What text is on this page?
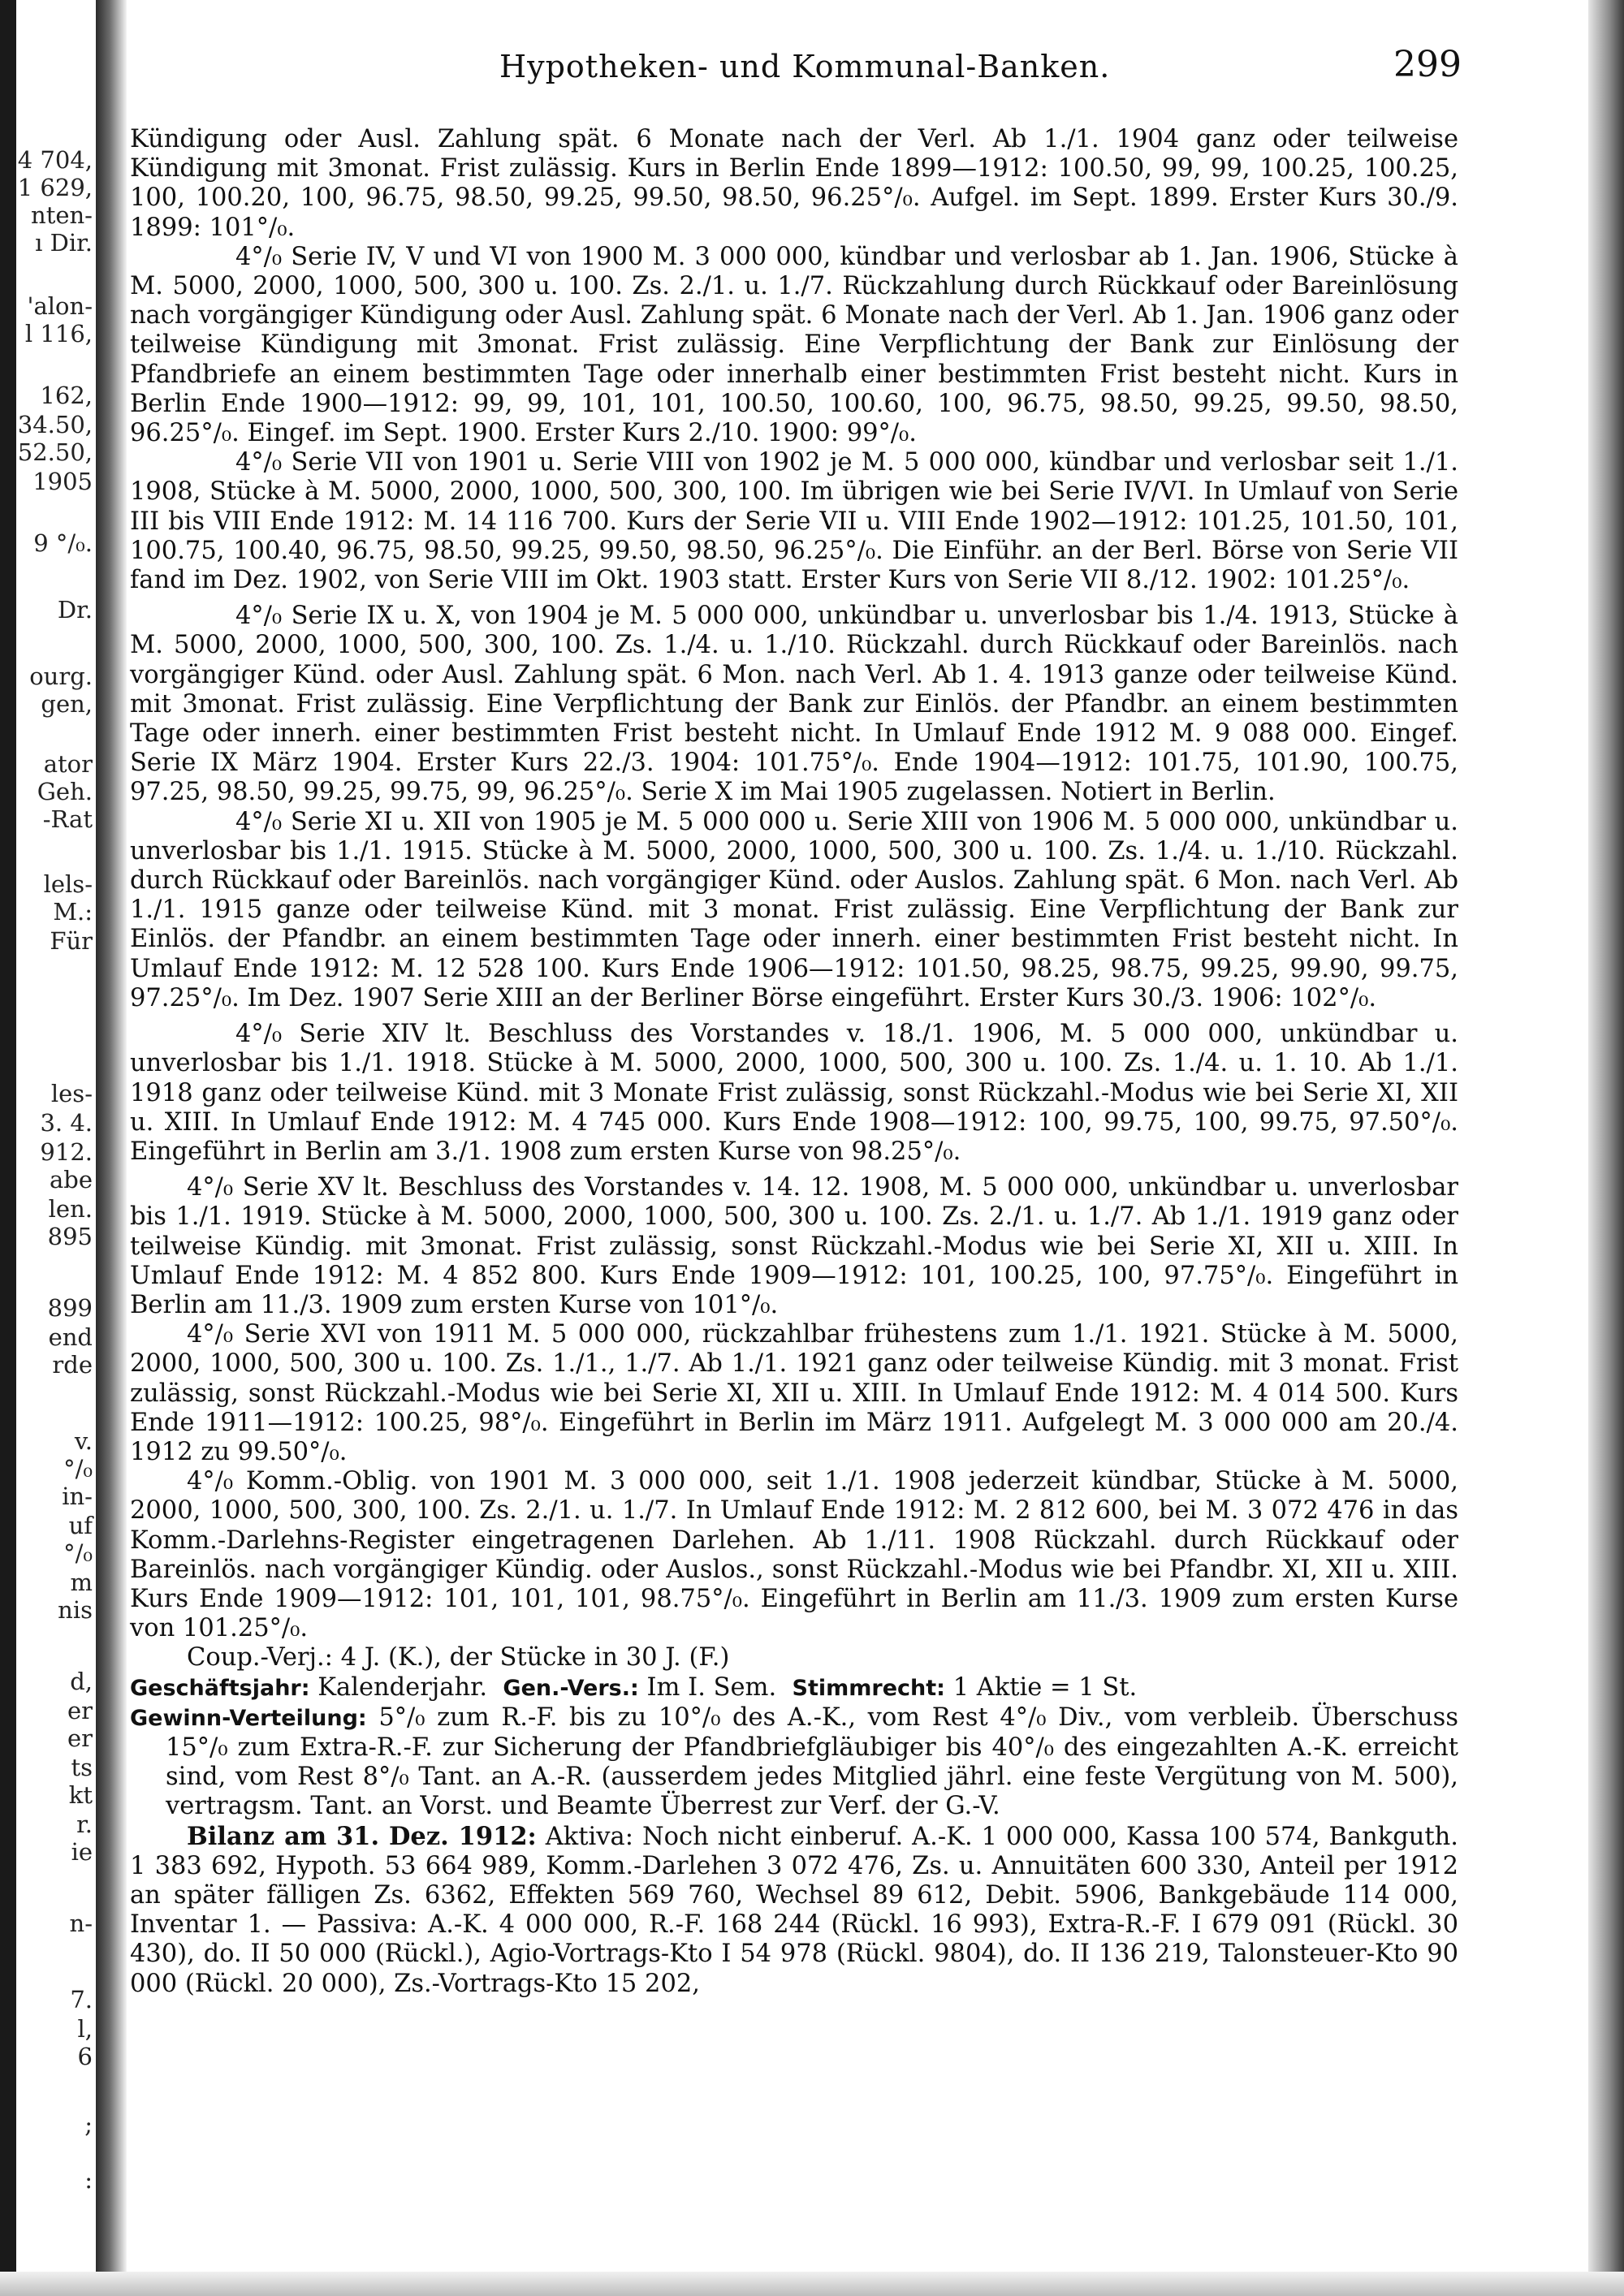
4 704,
1 629,
nten-
ı Dir.
'alon-
l 116,
162,
34.50,
52.50,
1905
9 °/₀.
Dr.
ourg.
gen,
ator
Geh.
-Rat
lels-
M.:
Für
les-
3. 4.
912.
abe
len.
895
899
end
rde
v.
°/₀
in-
uf
°/₀
m
nis
d,
er
er
ts
kt
r.
ie
n-
7.
l,
6
;
:
Hypotheken- und Kommunal-Banken.	299

Kündigung oder Ausl. Zahlung spät. 6 Monate nach der Verl. Ab 1./1. 1904 ganz oder teilweise Kündigung mit 3monat. Frist zulässig. Kurs in Berlin Ende 1899—1912: 100.50, 99, 99, 100.25, 100.25, 100, 100.20, 100, 96.75, 98.50, 99.25, 99.50, 98.50, 96.25°/₀. Aufgel. im Sept. 1899. Erster Kurs 30./9. 1899: 101°/₀.

4°/₀ Serie IV, V und VI von 1900 M. 3 000 000, kündbar und verlosbar ab 1. Jan. 1906, Stücke à M. 5000, 2000, 1000, 500, 300 u. 100. Zs. 2./1. u. 1./7. Rückzahlung durch Rückkauf oder Bareinlösung nach vorgängiger Kündigung oder Ausl. Zahlung spät. 6 Monate nach der Verl. Ab 1. Jan. 1906 ganz oder teilweise Kündigung mit 3monat. Frist zulässig. Eine Verpflichtung der Bank zur Einlösung der Pfandbriefe an einem bestimmten Tage oder innerhalb einer bestimmten Frist besteht nicht. Kurs in Berlin Ende 1900—1912: 99, 99, 101, 101, 100.50, 100.60, 100, 96.75, 98.50, 99.25, 99.50, 98.50, 96.25°/₀. Eingef. im Sept. 1900. Erster Kurs 2./10. 1900: 99°/₀.

4°/₀ Serie VII von 1901 u. Serie VIII von 1902 je M. 5 000 000, kündbar und verlosbar seit 1./1. 1908, Stücke à M. 5000, 2000, 1000, 500, 300, 100. Im übrigen wie bei Serie IV/VI. In Umlauf von Serie III bis VIII Ende 1912: M. 14 116 700. Kurs der Serie VII u. VIII Ende 1902—1912: 101.25, 101.50, 101, 100.75, 100.40, 96.75, 98.50, 99.25, 99.50, 98.50, 96.25°/₀. Die Einführ. an der Berl. Börse von Serie VII fand im Dez. 1902, von Serie VIII im Okt. 1903 statt. Erster Kurs von Serie VII 8./12. 1902: 101.25°/₀.

4°/₀ Serie IX u. X, von 1904 je M. 5 000 000, unkündbar u. unverlosbar bis 1./4. 1913, Stücke à M. 5000, 2000, 1000, 500, 300, 100. Zs. 1./4. u. 1./10. Rückzahl. durch Rückkauf oder Bareinlös. nach vorgängiger Künd. oder Ausl. Zahlung spät. 6 Mon. nach Verl. Ab 1. 4. 1913 ganze oder teilweise Künd. mit 3monat. Frist zulässig. Eine Verpflichtung der Bank zur Einlös. der Pfandbr. an einem bestimmten Tage oder innerh. einer bestimmten Frist besteht nicht. In Umlauf Ende 1912 M. 9 088 000. Eingef. Serie IX März 1904. Erster Kurs 22./3. 1904: 101.75°/₀. Ende 1904—1912: 101.75, 101.90, 100.75, 97.25, 98.50, 99.25, 99.75, 99, 96.25°/₀. Serie X im Mai 1905 zugelassen. Notiert in Berlin.

4°/₀ Serie XI u. XII von 1905 je M. 5 000 000 u. Serie XIII von 1906 M. 5 000 000, unkündbar u. unverlosbar bis 1./1. 1915. Stücke à M. 5000, 2000, 1000, 500, 300 u. 100. Zs. 1./4. u. 1./10. Rückzahl. durch Rückkauf oder Bareinlös. nach vorgängiger Künd. oder Auslos. Zahlung spät. 6 Mon. nach Verl. Ab 1./1. 1915 ganze oder teilweise Künd. mit 3 monat. Frist zulässig. Eine Verpflichtung der Bank zur Einlös. der Pfandbr. an einem bestimmten Tage oder innerh. einer bestimmten Frist besteht nicht. In Umlauf Ende 1912: M. 12 528 100. Kurs Ende 1906—1912: 101.50, 98.25, 98.75, 99.25, 99.90, 99.75, 97.25°/₀. Im Dez. 1907 Serie XIII an der Berliner Börse eingeführt. Erster Kurs 30./3. 1906: 102°/₀.

4°/₀ Serie XIV lt. Beschluss des Vorstandes v. 18./1. 1906, M. 5 000 000, unkündbar u. unverlosbar bis 1./1. 1918. Stücke à M. 5000, 2000, 1000, 500, 300 u. 100. Zs. 1./4. u. 1. 10. Ab 1./1. 1918 ganz oder teilweise Künd. mit 3 Monate Frist zulässig, sonst Rückzahl.-Modus wie bei Serie XI, XII u. XIII. In Umlauf Ende 1912: M. 4 745 000. Kurs Ende 1908—1912: 100, 99.75, 100, 99.75, 97.50°/₀. Eingeführt in Berlin am 3./1. 1908 zum ersten Kurse von 98.25°/₀.

4°/₀ Serie XV lt. Beschluss des Vorstandes v. 14. 12. 1908, M. 5 000 000, unkündbar u. unverlosbar bis 1./1. 1919. Stücke à M. 5000, 2000, 1000, 500, 300 u. 100. Zs. 2./1. u. 1./7. Ab 1./1. 1919 ganz oder teilweise Kündig. mit 3monat. Frist zulässig, sonst Rückzahl.-Modus wie bei Serie XI, XII u. XIII. In Umlauf Ende 1912: M. 4 852 800. Kurs Ende 1909—1912: 101, 100.25, 100, 97.75°/₀. Eingeführt in Berlin am 11./3. 1909 zum ersten Kurse von 101°/₀.

4°/₀ Serie XVI von 1911 M. 5 000 000, rückzahlbar frühestens zum 1./1. 1921. Stücke à M. 5000, 2000, 1000, 500, 300 u. 100. Zs. 1./1., 1./7. Ab 1./1. 1921 ganz oder teilweise Kündig. mit 3 monat. Frist zulässig, sonst Rückzahl.-Modus wie bei Serie XI, XII u. XIII. In Umlauf Ende 1912: M. 4 014 500. Kurs Ende 1911—1912: 100.25, 98°/₀. Eingeführt in Berlin im März 1911. Aufgelegt M. 3 000 000 am 20./4. 1912 zu 99.50°/₀.

4°/₀ Komm.-Oblig. von 1901 M. 3 000 000, seit 1./1. 1908 jederzeit kündbar, Stücke à M. 5000, 2000, 1000, 500, 300, 100. Zs. 2./1. u. 1./7. In Umlauf Ende 1912: M. 2 812 600, bei M. 3 072 476 in das Komm.-Darlehns-Register eingetragenen Darlehen. Ab 1./11. 1908 Rückzahl. durch Rückkauf oder Bareinlös. nach vorgängiger Kündig. oder Auslos., sonst Rückzahl.-Modus wie bei Pfandbr. XI, XII u. XIII. Kurs Ende 1909—1912: 101, 101, 101, 98.75°/₀. Eingeführt in Berlin am 11./3. 1909 zum ersten Kurse von 101.25°/₀.

Coup.-Verj.: 4 J. (K.), der Stücke in 30 J. (F.)

Geschäftsjahr: Kalenderjahr. Gen.-Vers.: Im I. Sem. Stimmrecht: 1 Aktie = 1 St.

Gewinn-Verteilung: 5°/₀ zum R.-F. bis zu 10°/₀ des A.-K., vom Rest 4°/₀ Div., vom verbleib. Überschuss 15°/₀ zum Extra-R.-F. zur Sicherung der Pfandbriefgläubiger bis 40°/₀ des eingezahlten A.-K. erreicht sind, vom Rest 8°/₀ Tant. an A.-R. (ausserdem jedes Mitglied jährl. eine feste Vergütung von M. 500), vertragsm. Tant. an Vorst. und Beamte Überrest zur Verf. der G.-V.

Bilanz am 31. Dez. 1912: Aktiva: Noch nicht einberuf. A.-K. 1 000 000, Kassa 100 574, Bankguth. 1 383 692, Hypoth. 53 664 989, Komm.-Darlehen 3 072 476, Zs. u. Annuitäten 600 330, Anteil per 1912 an später fälligen Zs. 6362, Effekten 569 760, Wechsel 89 612, Debit. 5906, Bankgebäude 114 000, Inventar 1. — Passiva: A.-K. 4 000 000, R.-F. 168 244 (Rückl. 16 993), Extra-R.-F. I 679 091 (Rückl. 30 430), do. II 50 000 (Rückl.), Agio-Vortrags-Kto I 54 978 (Rückl. 9804), do. II 136 219, Talonsteuer-Kto 90 000 (Rückl. 20 000), Zs.-Vortrags-Kto 15 202,
